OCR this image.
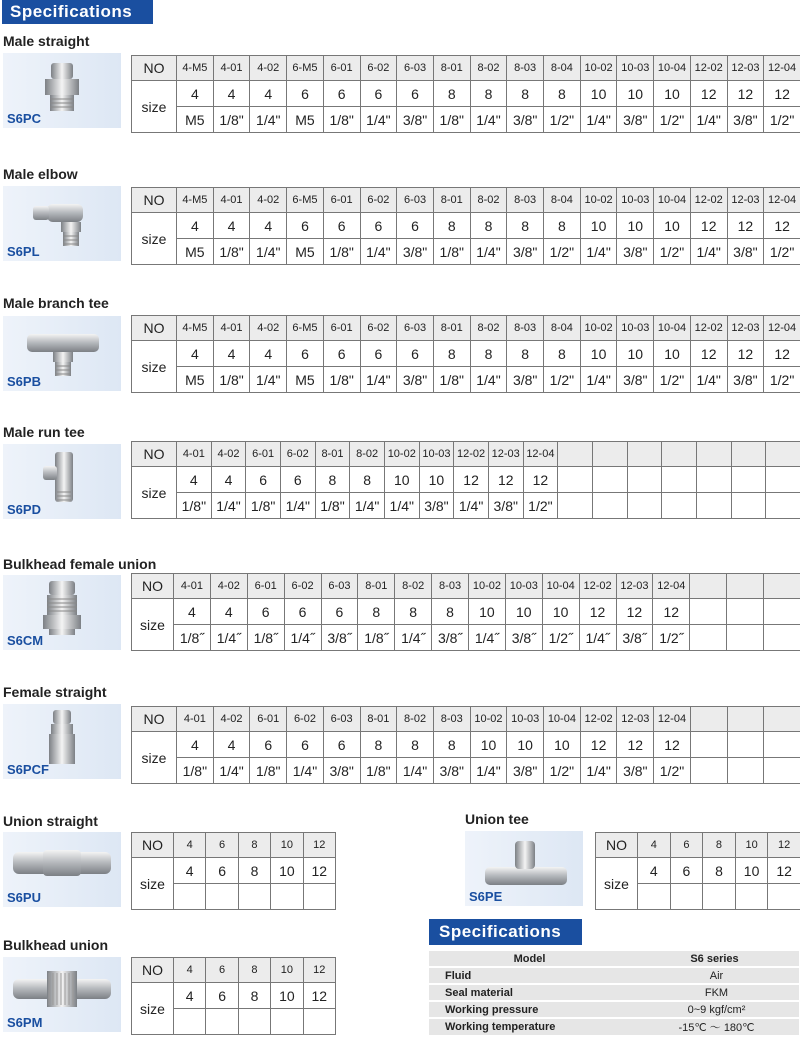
Specifications
Specifications
Male straight
S6PC
NO	4-M5	4-01	4-02	6-M5	6-01	6-02	6-03	8-01	8-02	8-03	8-04	10-02	10-03	10-04	12-02	12-03	12-04
size	4	4	4	6	6	6	6	8	8	8	8	10	10	10	12	12	12
	M5	1/8"	1/4"	M5	1/8"	1/4"	3/8"	1/8"	1/4"	3/8"	1/2"	1/4"	3/8"	1/2"	1/4"	3/8"	1/2"
Male elbow
S6PL
NO	4-M5	4-01	4-02	6-M5	6-01	6-02	6-03	8-01	8-02	8-03	8-04	10-02	10-03	10-04	12-02	12-03	12-04
size	4	4	4	6	6	6	6	8	8	8	8	10	10	10	12	12	12
	M5	1/8"	1/4"	M5	1/8"	1/4"	3/8"	1/8"	1/4"	3/8"	1/2"	1/4"	3/8"	1/2"	1/4"	3/8"	1/2"
Male branch tee
S6PB
NO	4-M5	4-01	4-02	6-M5	6-01	6-02	6-03	8-01	8-02	8-03	8-04	10-02	10-03	10-04	12-02	12-03	12-04
size	4	4	4	6	6	6	6	8	8	8	8	10	10	10	12	12	12
	M5	1/8"	1/4"	M5	1/8"	1/4"	3/8"	1/8"	1/4"	3/8"	1/2"	1/4"	3/8"	1/2"	1/4"	3/8"	1/2"
Male run tee
S6PD
NO	4-01	4-02	6-01	6-02	8-01	8-02	10-02	10-03	12-02	12-03	12-04							
size	4	4	6	6	8	8	10	10	12	12	12							
	1/8"	1/4"	1/8"	1/4"	1/8"	1/4"	1/4"	3/8"	1/4"	3/8"	1/2"							
Bulkhead female union
S6CM
NO	4-01	4-02	6-01	6-02	6-03	8-01	8-02	8-03	10-02	10-03	10-04	12-02	12-03	12-04			
size	4	4	6	6	6	8	8	8	10	10	10	12	12	12			
	1/8˝	1/4˝	1/8˝	1/4˝	3/8˝	1/8˝	1/4˝	3/8˝	1/4˝	3/8˝	1/2˝	1/4˝	3/8˝	1/2˝			
Female straight
S6PCF
NO	4-01	4-02	6-01	6-02	6-03	8-01	8-02	8-03	10-02	10-03	10-04	12-02	12-03	12-04			
size	4	4	6	6	6	8	8	8	10	10	10	12	12	12			
	1/8"	1/4"	1/8"	1/4"	3/8"	1/8"	1/4"	3/8"	1/4"	3/8"	1/2"	1/4"	3/8"	1/2"			
Union straight
S6PU
NO	4	6	8	10	12
size	4	6	8	10	12

Union tee
S6PE
NO	4	6	8	10	12
size	4	6	8	10	12

Bulkhead union
S6PM
NO	4	6	8	10	12
size	4	6	8	10	12

Model	S6 series
Fluid	Air
Seal material	FKM
Working pressure	0~9 kgf/cm²
Working temperature	-15℃ ～ 180℃
